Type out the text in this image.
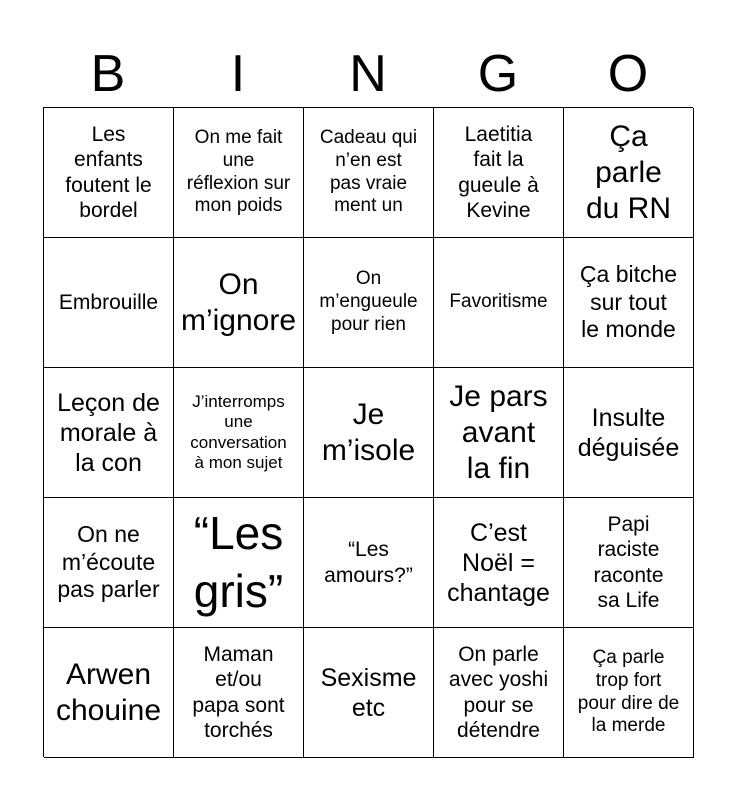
B	I	N	G	O
Les
enfants
foutent le
bordel
On me fait
une
réflexion sur
mon poids
Cadeau qui
n’en est
pas vraie
ment un
Laetitia
fait la
gueule à
Kevine
Ça
parle
du RN
Embrouille
On
m’ignore
On
m’engueule
pour rien
Favoritisme
Ça bitche
sur tout
le monde
Leçon de
morale à
la con
J’interromps
une
conversation
à mon sujet
Je
m’isole
Je pars
avant
la fin
Insulte
déguisée
On ne
m’écoute
pas parler
“Les
gris”
“Les
amours?”
C’est
Noël =
chantage
Papi
raciste
raconte
sa Life
Arwen
chouine
Maman
et/ou
papa sont
torchés
Sexisme
etc
On parle
avec yoshi
pour se
détendre
Ça parle
trop fort
pour dire de
la merde
